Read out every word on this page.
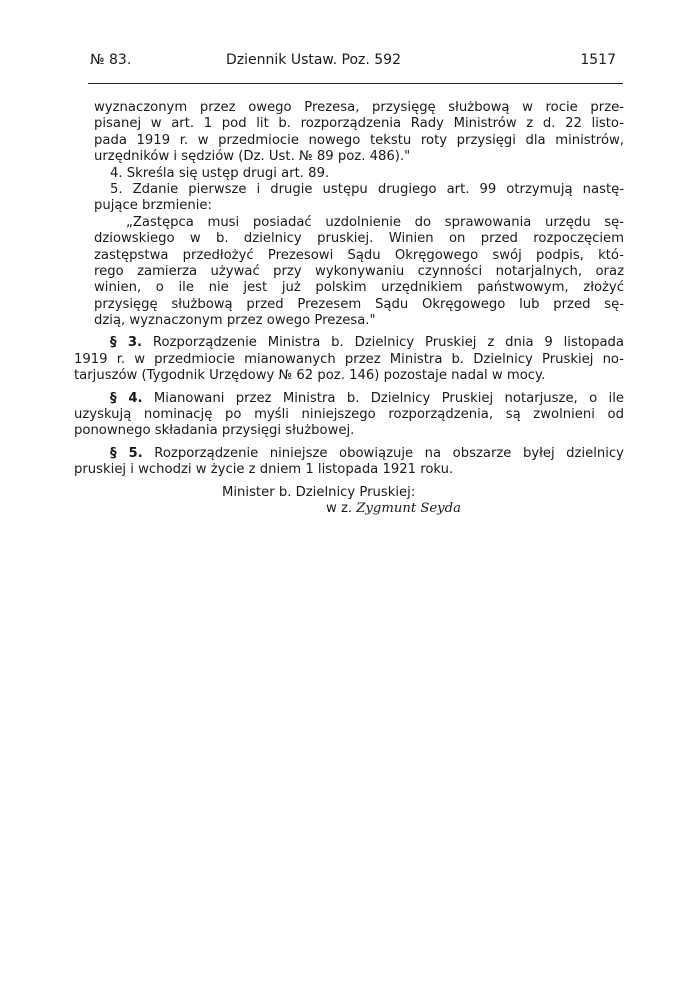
№ 83.	Dziennik Ustaw. Poz. 592	1517
wyznaczonym przez owego Prezesa, przysięgę służbową w rocie prze-
pisanej w art. 1 pod lit b. rozporządzenia Rady Ministrów z d. 22 listo-
pada 1919 r. w przedmiocie nowego tekstu roty przysięgi dla ministrów,
urzędników i sędziów (Dz. Ust. № 89 poz. 486)."
4. Skreśla się ustęp drugi art. 89.
5. Zdanie pierwsze i drugie ustępu drugiego art. 99 otrzymują nastę-
pujące brzmienie:
„Zastępca musi posiadać uzdolnienie do sprawowania urzędu sę-
dziowskiego w b. dzielnicy pruskiej. Winien on przed rozpoczęciem
zastępstwa przedłożyć Prezesowi Sądu Okręgowego swój podpis, któ-
rego zamierza używać przy wykonywaniu czynności notarjalnych, oraz
winien, o ile nie jest już polskim urzędnikiem państwowym, złożyć
przysięgę służbową przed Prezesem Sądu Okręgowego lub przed sę-
dzią, wyznaczonym przez owego Prezesa."
§ 3. Rozporządzenie Ministra b. Dzielnicy Pruskiej z dnia 9 listopada
1919 r. w przedmiocie mianowanych przez Ministra b. Dzielnicy Pruskiej no-
tarjuszów (Tygodnik Urzędowy № 62 poz. 146) pozostaje nadal w mocy.
§ 4. Mianowani przez Ministra b. Dzielnicy Pruskiej notarjusze, o ile
uzyskują nominację po myśli niniejszego rozporządzenia, są zwolnieni od
ponownego składania przysięgi służbowej.
§ 5. Rozporządzenie niniejsze obowiązuje na obszarze byłej dzielnicy
pruskiej i wchodzi w życie z dniem 1 listopada 1921 roku.
Minister b. Dzielnicy Pruskiej:
w z. Zygmunt Seyda
